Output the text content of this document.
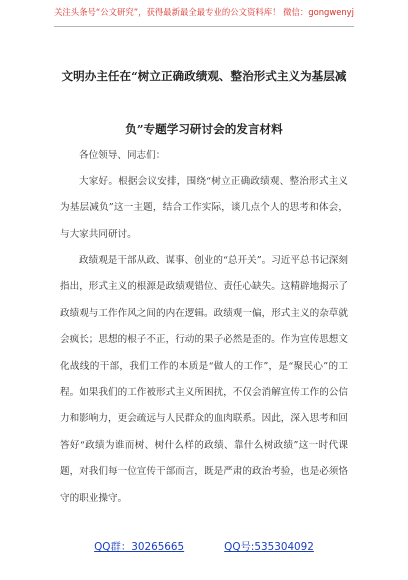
关注头条号“公文研究”，获得最新最全最专业的公文资料库！ 微信：gongwenyj
文明办主任在“树立正确政绩观、整治形式主义为基层减
负”专题学习研讨会的发言材料
各位领导、同志们：
大家好。根据会议安排，围绕“树立正确政绩观、整治形式主义为基层减负”这一主题，结合工作实际，谈几点个人的思考和体会，与大家共同研讨。
政绩观是干部从政、谋事、创业的“总开关”。习近平总书记深刻指出，形式主义的根源是政绩观错位、责任心缺失。这精辟地揭示了政绩观与工作作风之间的内在逻辑。政绩观一偏，形式主义的杂草就会疯长；思想的根子不正，行动的果子必然是歪的。作为宣传思想文化战线的干部，我们工作的本质是“做人的工作”，是“聚民心”的工程。如果我们的工作被形式主义所困扰，不仅会消解宣传工作的公信力和影响力，更会疏远与人民群众的血肉联系。因此，深入思考和回答好“政绩为谁而树、树什么样的政绩、靠什么树政绩”这一时代课题，对我们每一位宣传干部而言，既是严肃的政治考验，也是必须恪守的职业操守。
QQ群：30265665	QQ号:535304092
